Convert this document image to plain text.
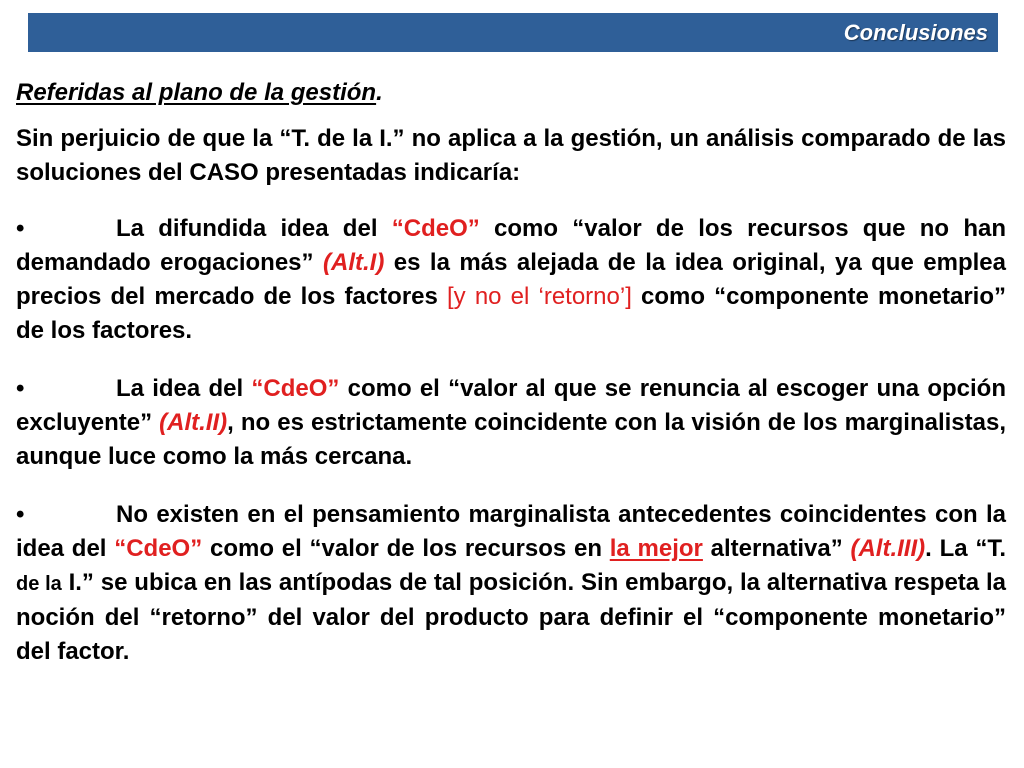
Conclusiones
Referidas al plano de la gestión.

Sin perjuicio de que la “T. de la I.” no aplica a la gestión, un análisis comparado de las soluciones del CASO presentadas indicaría:

•	La difundida idea del “CdeO” como “valor de los recursos que no han demandado erogaciones” (Alt.I) es la más alejada de la idea original, ya que emplea precios del mercado de los factores [y no el ‘retorno’] como “componente monetario” de los factores.

•	La idea del “CdeO” como el “valor al que se renuncia al escoger una opción excluyente” (Alt.II), no es estrictamente coincidente con la visión de los marginalistas, aunque luce como la más cercana.

•	No existen en el pensamiento marginalista antecedentes coincidentes con la idea del “CdeO” como el “valor de los recursos en la mejor alternativa” (Alt.III). La “T. de la I.” se ubica en las antípodas de tal posición. Sin embargo, la alternativa respeta la noción del “retorno” del valor del producto para definir el “componente monetario” del factor.
